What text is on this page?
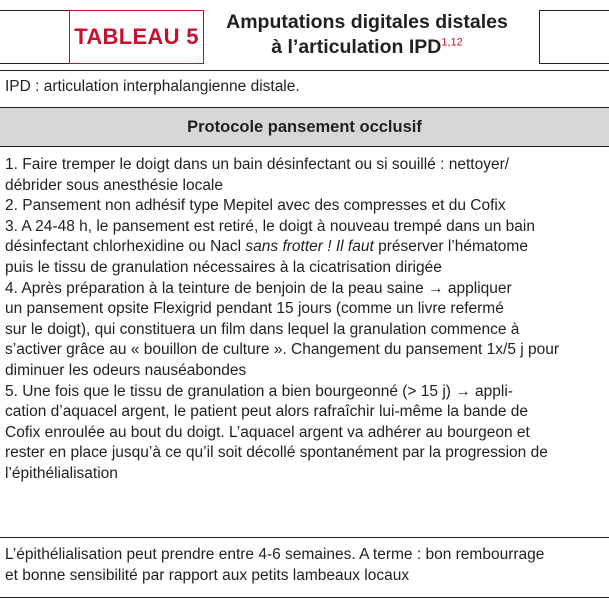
TABLEAU 5
Amputations digitales distales
à l’articulation IPD$^{1,12}$
IPD : articulation interphalangienne distale.
Protocole pansement occlusif
1. Faire tremper le doigt dans un bain désinfectant ou si souillé : nettoyer/
débrider sous anesthésie locale
2. Pansement non adhésif type Mepitel avec des compresses et du Cofix
3. A 24-48 h, le pansement est retiré, le doigt à nouveau trempé dans un bain
désinfectant chlorhexidine ou Nacl sans frotter ! Il faut préserver l’hématome
puis le tissu de granulation nécessaires à la cicatrisation dirigée
4. Après préparation à la teinture de benjoin de la peau saine → appliquer
un pansement opsite Flexigrid pendant 15 jours (comme un livre refermé
sur le doigt), qui constituera un film dans lequel la granulation commence à
s’activer grâce au « bouillon de culture ». Changement du pansement 1x/5 j pour
diminuer les odeurs nauséabondes
5. Une fois que le tissu de granulation a bien bourgeonné (> 15 j) → appli-
cation d’aquacel argent, le patient peut alors rafraîchir lui-même la bande de
Cofix enroulée au bout du doigt. L’aquacel argent va adhérer au bourgeon et
rester en place jusqu’à ce qu’il soit décollé spontanément par la progression de
l’épithélialisation
L’épithélialisation peut prendre entre 4-6 semaines. A terme : bon rembourrage
et bonne sensibilité par rapport aux petits lambeaux locaux
